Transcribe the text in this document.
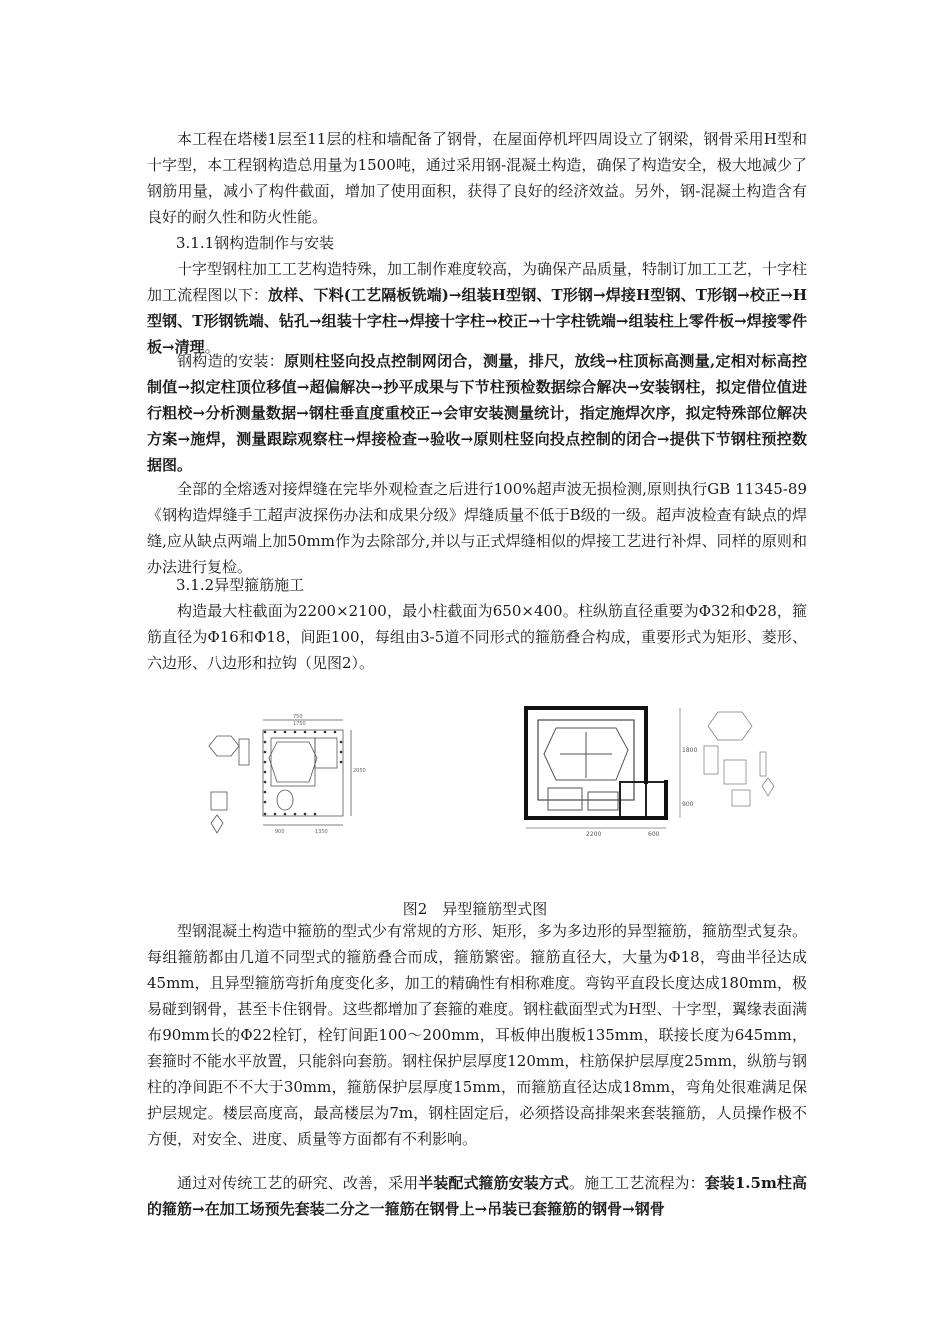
本工程在塔楼1层至11层的柱和墙配备了钢骨，在屋面停机坪四周设立了钢梁，钢骨采用H型和十字型，本工程钢构造总用量为1500吨，通过采用钢-混凝土构造，确保了构造安全，极大地减少了钢筋用量，减小了构件截面，增加了使用面积，获得了良好的经济效益。另外，钢-混凝土构造含有良好的耐久性和防火性能。

3.1.1钢构造制作与安装

十字型钢柱加工工艺构造特殊，加工制作难度较高，为确保产品质量，特制订加工工艺，十字柱加工流程图以下：放样、下料(工艺隔板铣端)→组装H型钢、T形钢→焊接H型钢、T形钢→校正→H型钢、T形钢铣端、钻孔→组装十字柱→焊接十字柱→校正→十字柱铣端→组装柱上零件板→焊接零件板→清理。

钢构造的安装：原则柱竖向投点控制网闭合，测量，排尺，放线→柱顶标高测量,定相对标高控制值→拟定柱顶位移值→超偏解决→抄平成果与下节柱预检数据综合解决→安装钢柱，拟定借位值进行粗校→分析测量数据→钢柱垂直度重校正→会审安装测量统计，指定施焊次序，拟定特殊部位解决方案→施焊，测量跟踪观察柱→焊接检查→验收→原则柱竖向投点控制的闭合→提供下节钢柱预控数据图。

全部的全熔透对接焊缝在完毕外观检查之后进行100%超声波无损检测,原则执行GB 11345-89《钢构造焊缝手工超声波探伤办法和成果分级》焊缝质量不低于B级的一级。超声波检查有缺点的焊缝,应从缺点两端上加50mm作为去除部分,并以与正式焊缝相似的焊接工艺进行补焊、同样的原则和办法进行复检。

3.1.2异型箍筋施工

构造最大柱截面为2200×2100，最小柱截面为650×400。柱纵筋直径重要为Φ32和Φ28，箍筋直径为Φ16和Φ18，间距100，每组由3-5道不同形式的箍筋叠合构成，重要形式为矩形、菱形、六边形、八边形和拉钩（见图2）。

750
1750
900	1350
2050
2200	600
1800
900
图2　异型箍筋型式图

型钢混凝土构造中箍筋的型式少有常规的方形、矩形，多为多边形的异型箍筋，箍筋型式复杂。每组箍筋都由几道不同型式的箍筋叠合而成，箍筋繁密。箍筋直径大，大量为Φ18，弯曲半径达成45mm，且异型箍筋弯折角度变化多，加工的精确性有相称难度。弯钩平直段长度达成180mm，极易碰到钢骨，甚至卡住钢骨。这些都增加了套箍的难度。钢柱截面型式为H型、十字型，翼缘表面满布90mm长的Φ22栓钉，栓钉间距100～200mm，耳板伸出腹板135mm，联接长度为645mm，套箍时不能水平放置，只能斜向套筋。钢柱保护层厚度120mm，柱筋保护层厚度25mm，纵筋与钢柱的净间距不不大于30mm，箍筋保护层厚度15mm，而箍筋直径达成18mm，弯角处很难满足保护层规定。楼层高度高，最高楼层为7m，钢柱固定后，必须搭设高排架来套装箍筋，人员操作极不方便，对安全、进度、质量等方面都有不利影响。

通过对传统工艺的研究、改善，采用半装配式箍筋安装方式。施工工艺流程为：套装1.5m柱高的箍筋→在加工场预先套装二分之一箍筋在钢骨上→吊装已套箍筋的钢骨→钢骨
